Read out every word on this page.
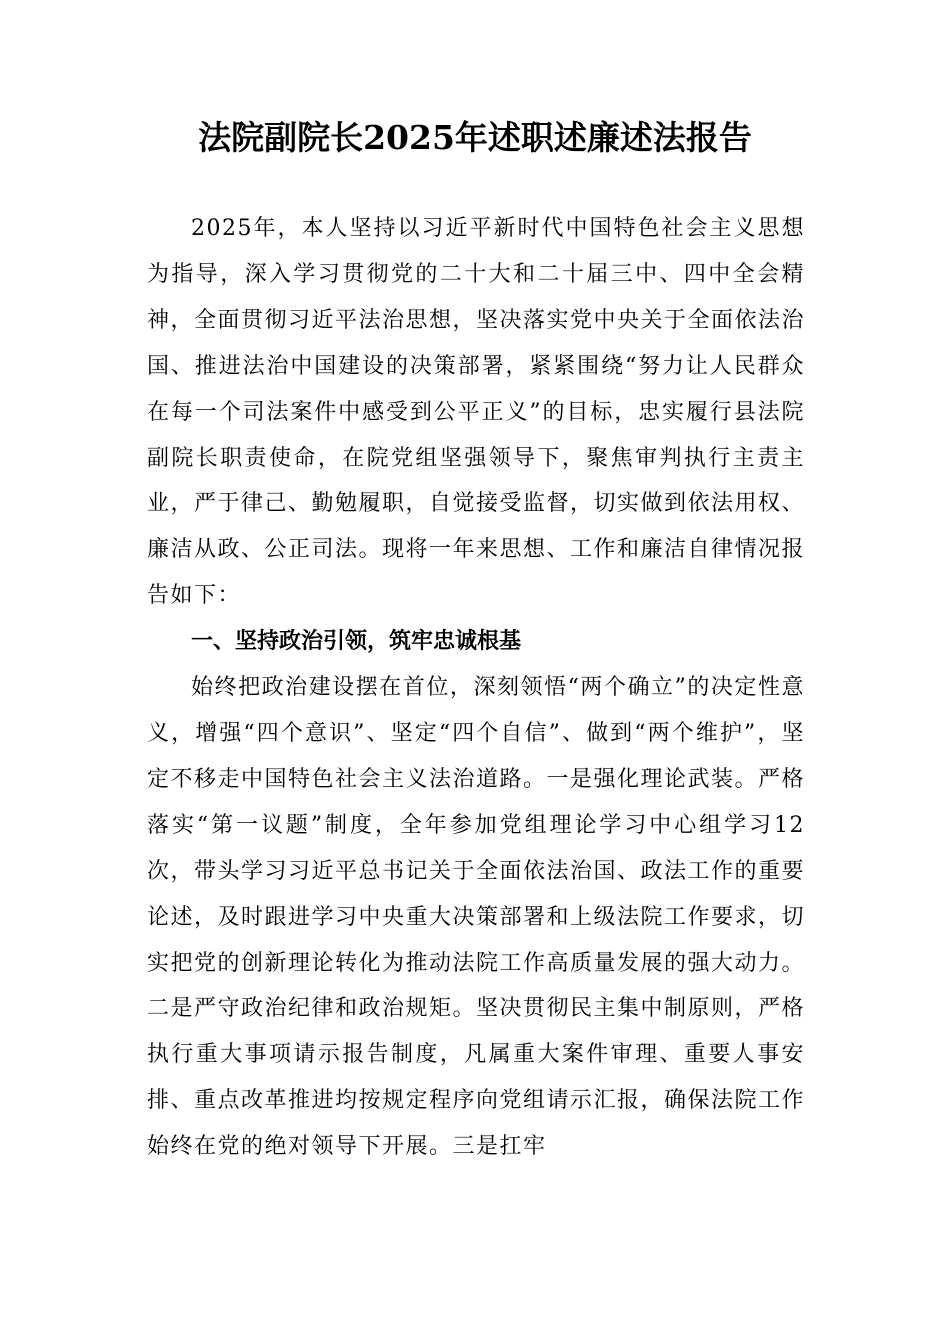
法院副院长2025年述职述廉述法报告

2025年，本人坚持以习近平新时代中国特色社会主义思想为指导，深入学习贯彻党的二十大和二十届三中、四中全会精神，全面贯彻习近平法治思想，坚决落实党中央关于全面依法治国、推进法治中国建设的决策部署，紧紧围绕“努力让人民群众在每一个司法案件中感受到公平正义”的目标，忠实履行县法院副院长职责使命，在院党组坚强领导下，聚焦审判执行主责主业，严于律己、勤勉履职，自觉接受监督，切实做到依法用权、廉洁从政、公正司法。现将一年来思想、工作和廉洁自律情况报告如下：

一、坚持政治引领，筑牢忠诚根基

始终把政治建设摆在首位，深刻领悟“两个确立”的决定性意义，增强“四个意识”、坚定“四个自信”、做到“两个维护”，坚定不移走中国特色社会主义法治道路。一是强化理论武装。严格落实“第一议题”制度，全年参加党组理论学习中心组学习12次，带头学习习近平总书记关于全面依法治国、政法工作的重要论述，及时跟进学习中央重大决策部署和上级法院工作要求，切实把党的创新理论转化为推动法院工作高质量发展的强大动力。二是严守政治纪律和政治规矩。坚决贯彻民主集中制原则，严格执行重大事项请示报告制度，凡属重大案件审理、重要人事安排、重点改革推进均按规定程序向党组请示汇报，确保法院工作始终在党的绝对领导下开展。三是扛牢
